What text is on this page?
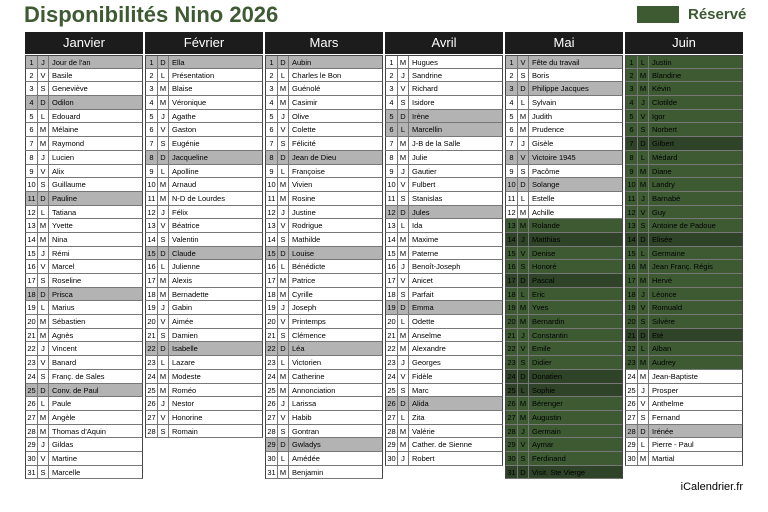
Disponibilités Nino 2026	Réservé
Janvier
1	J Jour de l'an
2 V Basile
3 S Geneviève
4 D Odilon
5 L Edouard
6 M Mélaine
7 M Raymond
8	J Lucien
9 V Alix
10 S Guillaume
11 D Pauline
12 L Tatiana
13 M Yvette
14 M Nina
15 J Rémi
16 V Marcel
17 S Roseline
18 D Prisca
19 L Marius
20 M Sébastien
21 M Agnès
22 J Vincent
23 V Banard
24 S Franç. de Sales
25 D Conv. de Paul
26 L Paule
27 M Angèle
28 M Thomas d'Aquin
29 J Gildas
30 V Martine
31 S Marcelle
Février
1 D Ella
2 L Présentation
3 M Blaise
4 M Véronique
5	J Agathe
6 V Gaston
7 S Eugénie
8 D Jacqueline
9 L Apolline
10 M Arnaud
11 M N-D de Lourdes
12 J Félix
13 V Béatrice
14 S Valentin
15 D Claude
16 L Julienne
17 M Alexis
18 M Bernadette
19 J Gabin
20 V Aimée
21 S Damien
22 D Isabelle
23 L Lazare
24 M Modeste
25 M Roméo
26 J Nestor
27 V Honorine
28 S Romain
Mars
1 D Aubin
2 L Charles le Bon
3 M Guénolé
4 M Casimir
5	J Olive
6 V Colette
7 S Félicité
8 D Jean de Dieu
9 L Françoise
10 M Vivien
11 M Rosine
12 J Justine
13 V Rodrigue
14 S Mathilde
15 D Louise
16 L Bénédicte
17 M Patrice
18 M Cyrille
19 J Joseph
20 V Printemps
21 S Clémence
22 D Léa
23 L Victorien
24 M Catherine
25 M Annonciation
26 J Larissa
27 V Habib
28 S Gontran
29 D Gwladys
30 L Amédée
31 M Benjamin
Avril
1 M Hugues
2	J Sandrine
3 V Richard
4 S Isidore
5 D Irène
6 L Marcellin
7 M J-B de la Salle
8 M Julie
9	J Gautier
10 V Fulbert
11 S Stanislas
12 D Jules
13 L Ida
14 M Maxime
15 M Paterne
16 J Benoît-Joseph
17 V Anicet
18 S Parfait
19 D Emma
20 L Odette
21 M Anselme
22 M Alexandre
23 J Georges
24 V Fidèle
25 S Marc
26 D Alida
27 L Zita
28 M Valérie
29 M Cather. de Sienne
30 J Robert
Mai
1 V Fête du travail
2 S Boris
3 D Philippe Jacques
4 L Sylvain
5 M Judith
6 M Prudence
7	J Gisèle
8 V Victoire 1945
9 S Pacôme
10 D Solange
11 L Estelle
12 M Achille
13 M Rolande
14 J Matthias
15 V Denise
16 S Honoré
17 D Pascal
18 L Eric
19 M Yves
20 M Bernardin
21 J Constantin
22 V Emile
23 S Didier
24 D Donatien
25 L Sophie
26 M Bérenger
27 M Augustin
28 J Germain
29 V Aymar
30 S Ferdinand
31 D Visit. Ste Vierge
Juin
1 L Justin
2 M Blandine
3 M Kévin
4	J Clotilde
5 V Igor
6 S Norbert
7 D Gilbert
8 L Médard
9 M Diane
10 M Landry
11 J Barnabé
12 V Guy
13 S Antoine de Padoue
14 D Elisée
15 L Germaine
16 M Jean Franç. Régis
17 M Hervé
18 J Léonce
19 V Romuald
20 S Silvère
21 D Eté
22 L Alban
23 M Audrey
24 M Jean-Baptiste
25 J Prosper
26 V Anthelme
27 S Fernand
28 D Irénée
29 L Pierre - Paul
30 M Martial
iCalendrier.fr
